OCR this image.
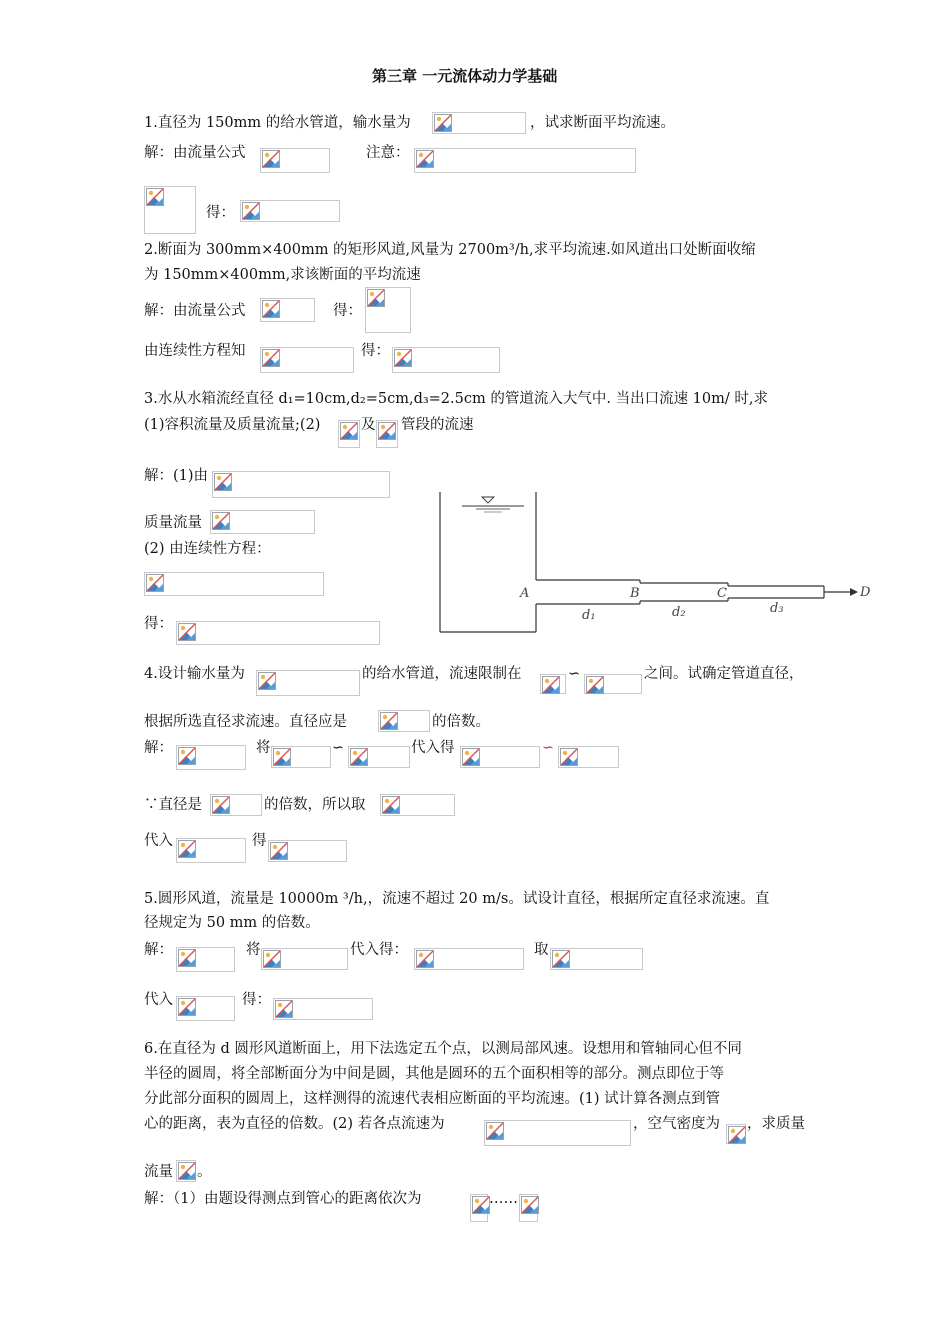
第三章 一元流体动力学基础
1.直径为 150mm 的给水管道，输水量为	，试求断面平均流速。
解：由流量公式	注意：
得：
2.断面为 300mm×400mm 的矩形风道,风量为 2700m³/h,求平均流速.如风道出口处断面收缩
为 150mm×400mm,求该断面的平均流速
解：由流量公式	得：
由连续性方程知	得：
3.水从水箱流经直径 d₁=10cm,d₂=5cm,d₃=2.5cm 的管道流入大气中. 当出口流速 10m/ 时,求
(1)容积流量及质量流量;(2)	及 管段的流速
解：(1)由
质量流量
(2) 由连续性方程：
得：
A	B	C	D
d₁	d₂	d₃
4.设计输水量为	的给水管道，流速限制在	∽	之间。试确定管道直径，
根据所选直径求流速。直径应是	的倍数。
解：	将	∽	代入得	∽
∵直径是	的倍数，所以取
代入	得
5.圆形风道，流量是 10000m ³/h,，流速不超过 20 m/s。试设计直径，根据所定直径求流速。直
径规定为 50 mm 的倍数。
解：	将	代入得：	取
代入	得：
6.在直径为 d 圆形风道断面上，用下法选定五个点，以测局部风速。设想用和管轴同心但不同
半径的圆周，将全部断面分为中间是圆，其他是圆环的五个面积相等的部分。测点即位于等
分此部分面积的圆周上，这样测得的流速代表相应断面的平均流速。(1) 试计算各测点到管
心的距离，表为直径的倍数。(2) 若各点流速为	，空气密度为 ，求质量
流量 。
解：（1）由题设得测点到管心的距离依次为	……
